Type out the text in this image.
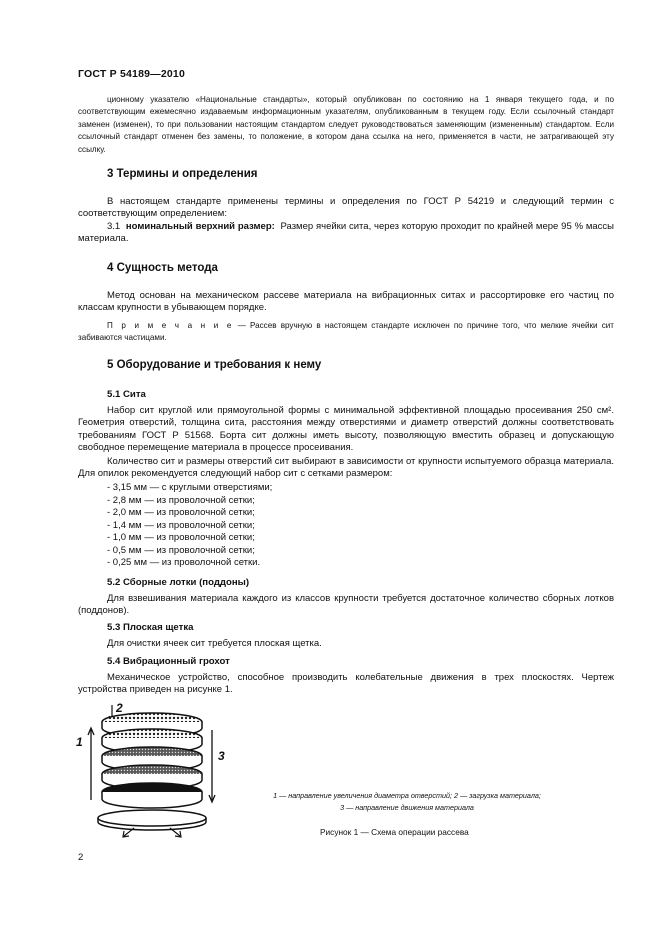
ГОСТ Р 54189—2010

ционному указателю «Национальные стандарты», который опубликован по состоянию на 1 января текущего года, и по соответствующим ежемесячно издаваемым информационным указателям, опубликованным в текущем году. Если ссылочный стандарт заменен (изменен), то при пользовании настоящим стандартом следует руководствоваться заменяющим (измененным) стандартом. Если ссылочный стандарт отменен без замены, то положение, в котором дана ссылка на него, применяется в части, не затрагивающей эту ссылку.

3 Термины и определения

В настоящем стандарте применены термины и определения по ГОСТ Р 54219 и следующий термин с соответствующим определением:

3.1 номинальный верхний размер: Размер ячейки сита, через которую проходит по крайней мере 95 % массы материала.

4 Сущность метода

Метод основан на механическом рассеве материала на вибрационных ситах и рассортировке его частиц по классам крупности в убывающем порядке.

П р и м е ч а н и е — Рассев вручную в настоящем стандарте исключен по причине того, что мелкие ячейки сит забиваются частицами.

5 Оборудование и требования к нему
5.1 Сита

Набор сит круглой или прямоугольной формы с минимальной эффективной площадью просеивания 250 см². Геометрия отверстий, толщина сита, расстояния между отверстиями и диаметр отверстий должны соответствовать требованиям ГОСТ Р 51568. Борта сит должны иметь высоту, позволяющую вместить образец и допускающую свободное перемещение материала в процессе просеивания.

Количество сит и размеры отверстий сит выбирают в зависимости от крупности испытуемого образца материала. Для опилок рекомендуется следующий набор сит с сетками размером:

- 3,15 мм — с круглыми отверстиями;
- 2,8 мм — из проволочной сетки;
- 2,0 мм — из проволочной сетки;
- 1,4 мм — из проволочной сетки;
- 1,0 мм — из проволочной сетки;
- 0,5 мм — из проволочной сетки;
- 0,25 мм — из проволочной сетки.
5.2 Сборные лотки (поддоны)

Для взвешивания материала каждого из классов крупности требуется достаточное количество сборных лотков (поддонов).

5.3 Плоская щетка

Для очистки ячеек сит требуется плоская щетка.

5.4 Вибрационный грохот

Механическое устройство, способное производить колебательные движения в трех плоскостях. Чертеж устройства приведен на рисунке 1.

2
1
3
1 — направление увеличения диаметра отверстий; 2 — загрузка материала;
3 — направление движения материала
Рисунок 1 — Схема операции рассева
2
